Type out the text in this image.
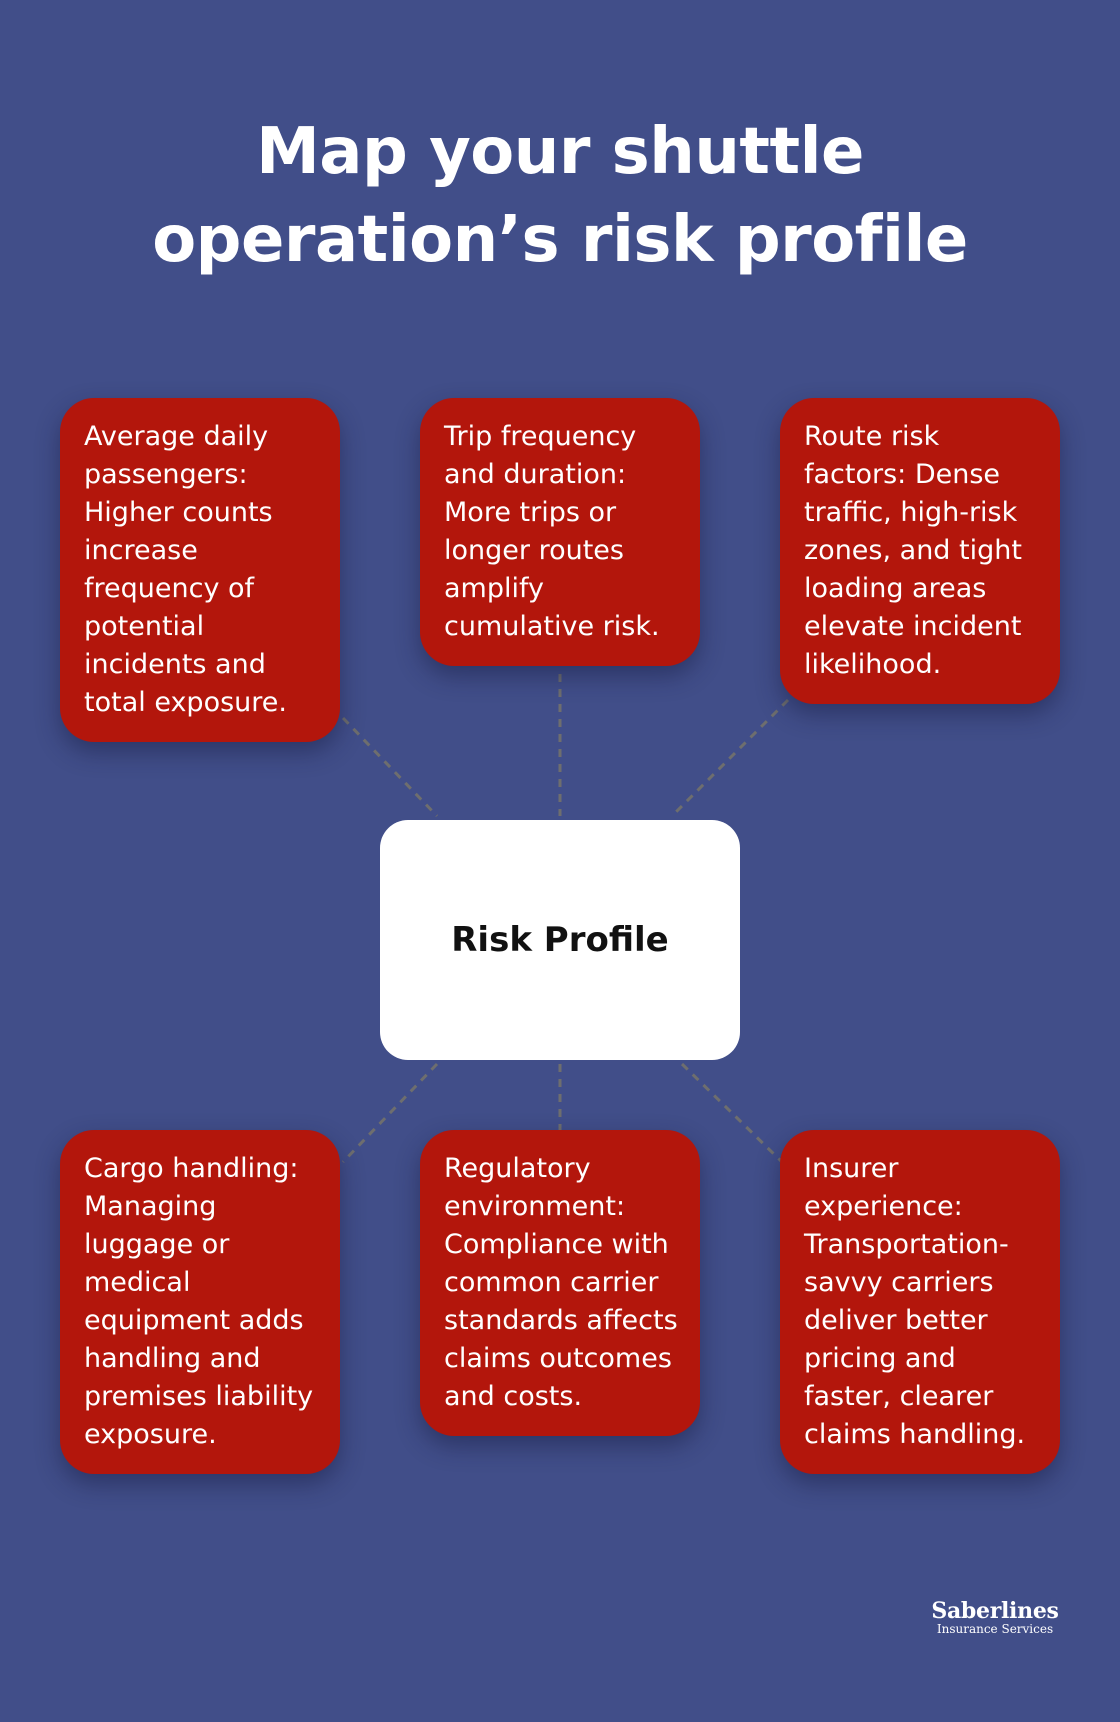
Map your shuttle operation’s risk profile

Average daily passengers: Higher counts increase frequency of potential incidents and total exposure.

Trip frequency and duration: More trips or longer routes amplify cumulative risk.

Route risk factors: Dense traffic, high-risk zones, and tight loading areas elevate incident likelihood.

Cargo handling: Managing luggage or medical equipment adds handling and premises liability exposure.

Regulatory environment: Compliance with common carrier standards affects claims outcomes and costs.

Insurer experience: Transportation-savvy carriers deliver better pricing and faster, clearer claims handling.

Risk Profile
Saberlines
Insurance Services
